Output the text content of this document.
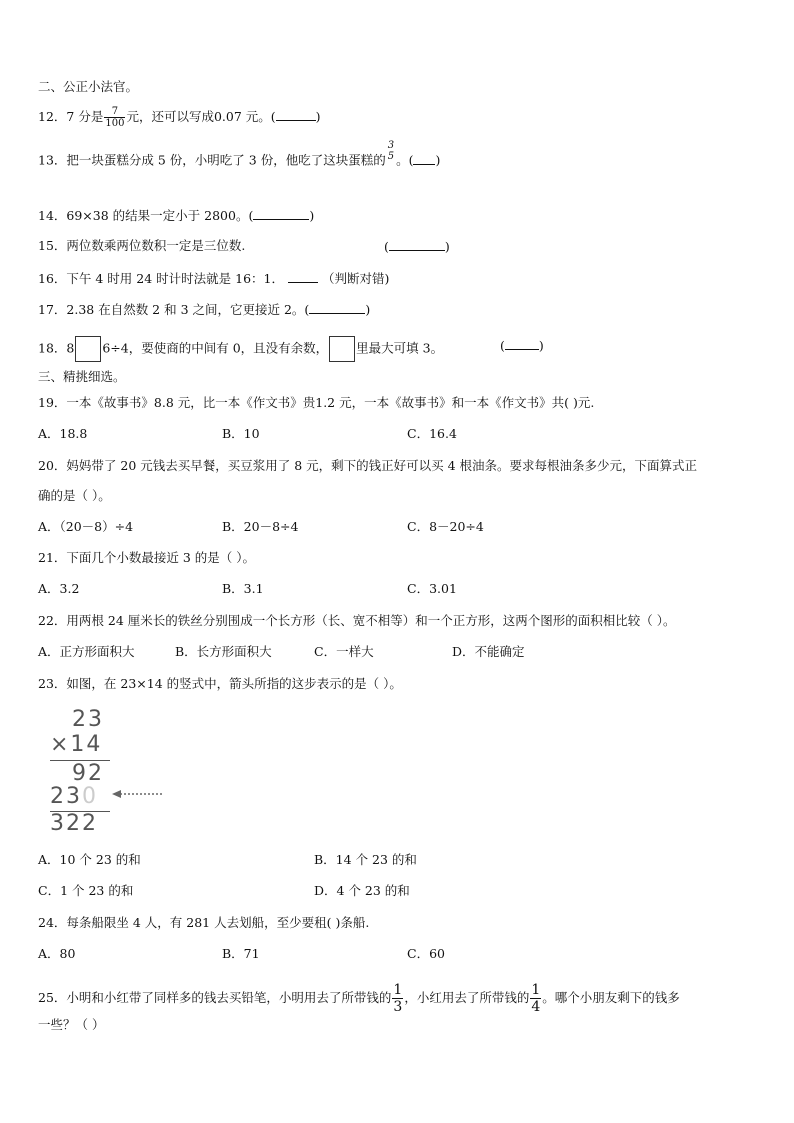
二、公正小法官。
12．7 分是 $\frac{7}{100}$ 元，还可以写成0.07 元。(	)
13．把一块蛋糕分成 5 份，小明吃了 3 份，他吃了这块蛋糕的
3
5 。( )
14．69×38 的结果一定小于 2800。(	)
15．两位数乘两位数积一定是三位数.	(	)
16．下午 4 时用 24 时计时法就是 16：1．	（判断对错)
17．2.38 在自然数 2 和 3 之间，它更接近 2。(	)
18．8 6÷4，要使商的中间有 0，且没有余数， 里最大可填 3。	(	)
三、精挑细选。
19．一本《故事书》8.8 元，比一本《作文书》贵1.2 元，一本《故事书》和一本《作文书》共( )元.
A．18.8	B．10	C．16.4
20．妈妈带了 20 元钱去买早餐，买豆浆用了 8 元，剩下的钱正好可以买 4 根油条。要求每根油条多少元，下面算式正
确的是（ ）。
A．（20－8）÷4	B．20－8÷4	C．8－20÷4
21．下面几个小数最接近 3 的是（ ）。
A．3.2	B．3.1	C．3.01
22．用两根 24 厘米长的铁丝分别围成一个长方形（长、宽不相等）和一个正方形，这两个图形的面积相比较（ ）。
A．正方形面积大	B．长方形面积大	C．一样大	D．不能确定
23．如图，在 23×14 的竖式中，箭头所指的这步表示的是（ ）。
23
×14
92
230
322
A．10 个 23 的和	B．14 个 23 的和
C．1 个 23 的和	D．4 个 23 的和
24．每条船限坐 4 人，有 281 人去划船，至少要租( )条船.
A．80	B．71	C．60
25．小明和小红带了同样多的钱去买铅笔，小明用去了所带钱的 $\frac{1}{3}$ ，小红用去了所带钱的 $\frac{1}{4}$ 。哪个小朋友剩下的钱多
一些？（ ）
